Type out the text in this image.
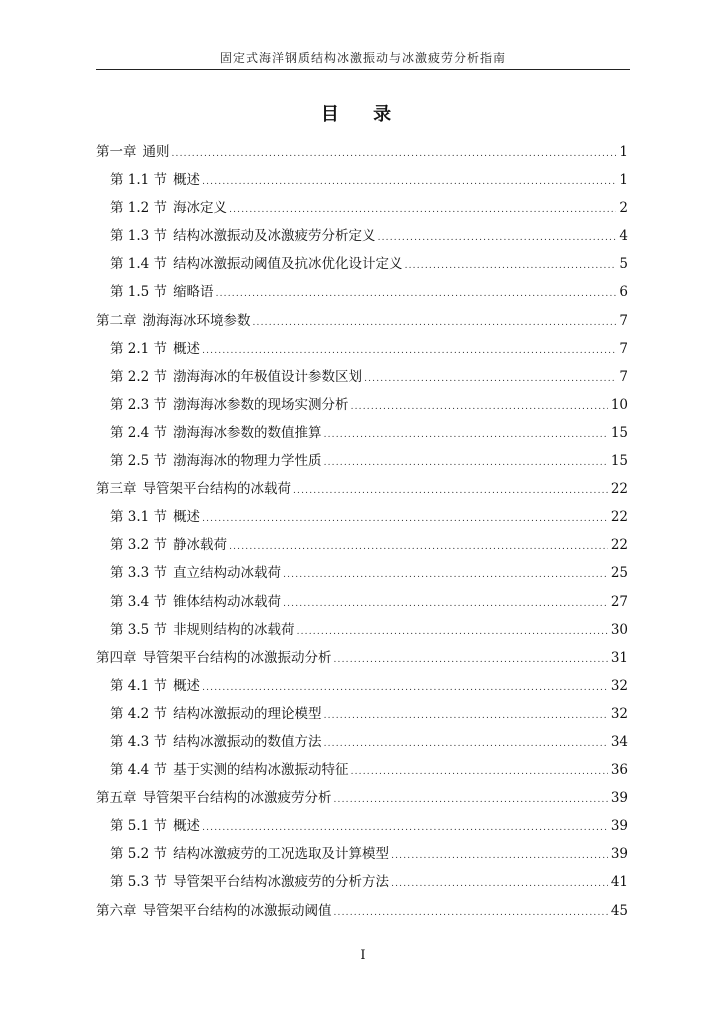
固定式海洋钢质结构冰激振动与冰激疲劳分析指南
目 录
第一章 通则 .....	1
第 1.1 节 概述 .....	1
第 1.2 节 海冰定义 .....	2
第 1.3 节 结构冰激振动及冰激疲劳分析定义 .....	4
第 1.4 节 结构冰激振动阈值及抗冰优化设计定义 .....	5
第 1.5 节 缩略语 .....	6
第二章 渤海海冰环境参数 .....	7
第 2.1 节 概述 .....	7
第 2.2 节 渤海海冰的年极值设计参数区划 .....	7
第 2.3 节 渤海海冰参数的现场实测分析 .....	10
第 2.4 节 渤海海冰参数的数值推算 .....	15
第 2.5 节 渤海海冰的物理力学性质 .....	15
第三章 导管架平台结构的冰载荷 .....	22
第 3.1 节 概述 .....	22
第 3.2 节 静冰载荷 .....	22
第 3.3 节 直立结构动冰载荷 .....	25
第 3.4 节 锥体结构动冰载荷 .....	27
第 3.5 节 非规则结构的冰载荷 .....	30
第四章 导管架平台结构的冰激振动分析 .....	31
第 4.1 节 概述 .....	32
第 4.2 节 结构冰激振动的理论模型 .....	32
第 4.3 节 结构冰激振动的数值方法 .....	34
第 4.4 节 基于实测的结构冰激振动特征 .....	36
第五章 导管架平台结构的冰激疲劳分析 .....	39
第 5.1 节 概述 .....	39
第 5.2 节 结构冰激疲劳的工况选取及计算模型 .....	39
第 5.3 节 导管架平台结构冰激疲劳的分析方法 .....	41
第六章 导管架平台结构的冰激振动阈值 .....	45
I
